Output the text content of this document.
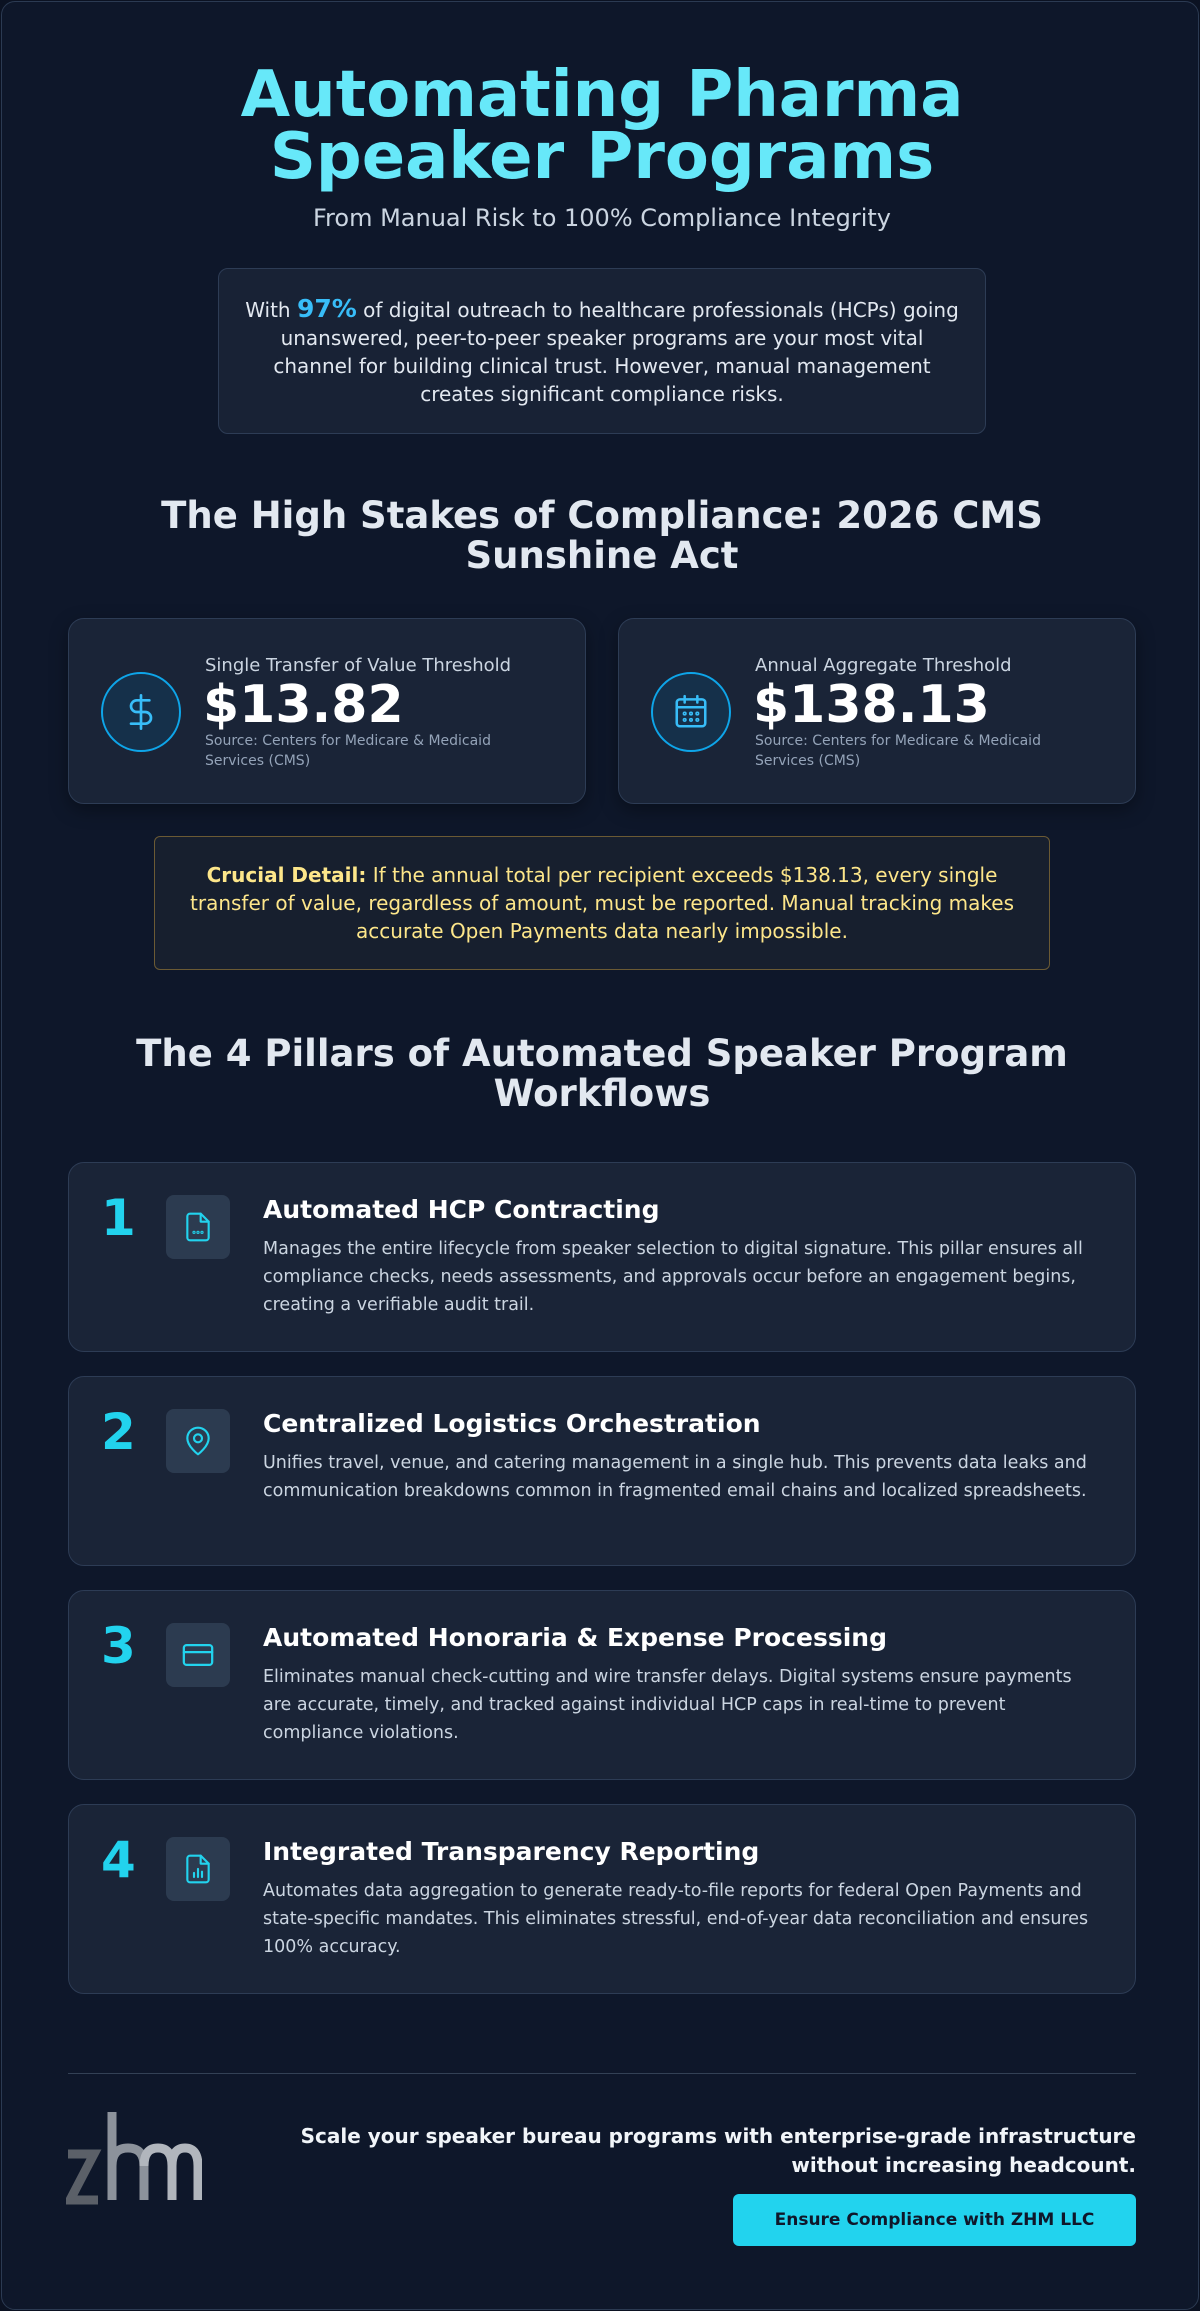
Automating Pharma Speaker Programs

From Manual Risk to 100% Compliance Integrity

With 97% of digital outreach to healthcare professionals (HCPs) going unanswered, peer-to-peer speaker programs are your most vital channel for building clinical trust. However, manual management creates significant compliance risks.
The High Stakes of Compliance: 2026 CMS Sunshine Act
Single Transfer of Value Threshold
$13.82
Source: Centers for Medicare & Medicaid Services (CMS)
Annual Aggregate Threshold
$138.13
Source: Centers for Medicare & Medicaid Services (CMS)
Crucial Detail: If the annual total per recipient exceeds $138.13, every single transfer of value, regardless of amount, must be reported. Manual tracking makes accurate Open Payments data nearly impossible.
The 4 Pillars of Automated Speaker Program Workflows
1	Automated HCP Contracting
Manages the entire lifecycle from speaker selection to digital signature. This pillar ensures all compliance checks, needs assessments, and approvals occur before an engagement begins, creating a verifiable audit trail.
2	Centralized Logistics Orchestration
Unifies travel, venue, and catering management in a single hub. This prevents data leaks and communication breakdowns common in fragmented email chains and localized spreadsheets.
3	Automated Honoraria & Expense Processing
Eliminates manual check-cutting and wire transfer delays. Digital systems ensure payments are accurate, timely, and tracked against individual HCP caps in real-time to prevent compliance violations.
4	Integrated Transparency Reporting
Automates data aggregation to generate ready-to-file reports for federal Open Payments and state-specific mandates. This eliminates stressful, end-of-year data reconciliation and ensures 100% accuracy.

Scale your speaker bureau programs with enterprise-grade infrastructure without increasing headcount.

Ensure Compliance with ZHM LLC
